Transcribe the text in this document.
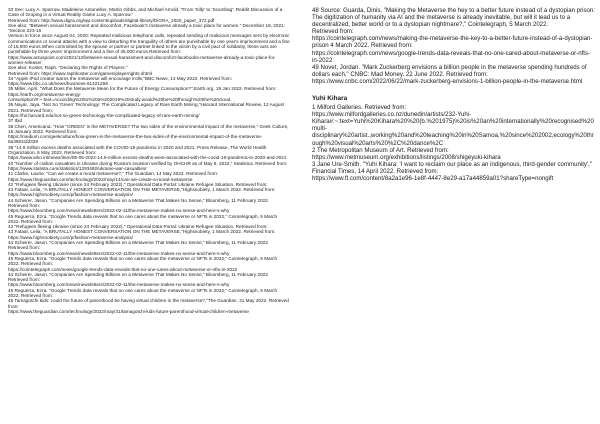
33 See: Lucy A. Sparrow, Madeleine Antonellos, Martin Gibbs, and Michael Arnold. "From 'Silly' to 'Scumbag': Reddit Discussion of a Case of Groping in a Virtual Reality Game Lucy A. Sparrow."

Retrieved from: http://www.digra.org/wp-content/uploads/digital-library/DiGRA_2020_paper_372.pdf

See also: "Between sexual harassment and discomfort, Facebook's metaverse already a toxic place for women." December 18, 2021: "Section 223-16

Version in force since August 04, 2020: Repeated malicious telephone calls, repeated sending of malicious messages sent by electronic communications or sound attacks with a view to disturbing the tranquility of others are punishable by one year's imprisonment and a fine of 15,000 euros.When committed by the spouse or partner or partner linked to the victim by a civil pact of solidarity, these acts are punishable by three years' imprisonment and a fine of 45,000 euros.Retrieved from:

https://www.actuspoint.com/2021/12/between-sexual-harassment-and-discomfort-facebooks-metaverse-already-a-toxic-place-for-women-release/

See also: Koster, Raph. "Declaring the Rights of Players."

Retrieved from: https://www.raphkoster.com/games/playerrights.shtml

34 "Apple iPod creator warns the metaverse will encourage trolls,"BBC News, 13 May 2022. Retrieved from: https://www.bbc.co.uk/news/business-61421268

35 Miller, April. "What Does the Metaverse Mean for the Future of Energy Consumption?",Earth.org, 19 Jan 2022. Retrieved from:

https://earth.org/metaverse-energy-consumption/#:~:text=According%20to%20a%202019%20study,would%20be%20through%20the%20cloud.

36 Nayar, Jaya. "Not So 'Green' Technology: The Complicated Legacy of Rare Earth Mining,"Harvard International Review, 12 August 2021. Retrieved from:

https://hir.harvard.edu/not-so-green-technology-the-complicated-legacy-of-rare-earth-mining/

37 Ibid

38 Chen, Americana. "How "GREEN" is the METAVERSE? The two sides of the environmental impact of the metaverse," Geek Culture, 15 January 2022. Retrieved from:

https://medium.com/geekculture/how-green-is-the-metaverse-the-two-sides-of-the-environmental-impact-of-the-metaverse-6a35931fd329

39 "14.9 million excess deaths associated with the COVID-19 pandemic in 2020 and 2021, Press Release, The World Health Organization, 5 May 2022. Retrieved from:

https://www.who.int/news/item/05-05-2022-14.9-million-excess-deaths-were-associated-with-the-covid-19-pandemic-in-2020-and-2021

40 "Number of civilian casualties in Ukraine during Russia's invasion verified by OHCHR as of May 9, 2022," Statistica. Retrieved from: https://www.statista.com/statistics/1293492/ukraine-war-casualties/

41 Clarke, Laurie. "Can we create a moral metaverse?," The Guardian, 14 May 2022. Retrieved from:

https://www.theguardian.com/technology/2022/may/14/can-we-create-a-moral-metaverse

42 "Refugees fleeing Ukraine (since 24 February 2022)," Operational Data Portal: Ukraine Refugee Situation. Retrieved from:

43 Fataar, Leila, "A BRUTALLY HONEST CONVERSATION ON THE METAVERSE,"Highsnobiety, 1 March 2022. Retrieved from: https://www.highsnobiety.com/p/fashion-metaverse-analysis/

44 Scheirer, Jason. "Companies Are Spending Billions on a Metaverse That Makes No Sense," Bloomberg, 11 February 2022. Retrieved from:

https://www.bloomberg.com/news/newsletters/2022-02-11/the-metaverse-makes-no-sense-and-here-s-why

45 Reguerra, Ezra. "Google Trends data reveals that no one cares about the metaverse or NFTs in 2022," Cointelegraph, 9 March 2022. Retrieved from:

42 "Refugees fleeing Ukraine (since 24 February 2022)," Operational Data Portal: Ukraine Refugee Situation. Retrieved from:

43 Fataar, Leila, "A BRUTALLY HONEST CONVERSATION ON THE METAVERSE,"Highsnobiety, 1 March 2022. Retrieved from: https://www.highsnobiety.com/p/fashion-metaverse-analysis/

44 Scheirer, Jason. "Companies Are Spending Billions on a Metaverse That Makes No Sense," Bloomberg, 11 February 2022. Retrieved from:

https://www.bloomberg.com/news/newsletters/2022-02-11/the-metaverse-makes-no-sense-and-here-s-why

45 Reguerra, Ezra. "Google Trends data reveals that no one cares about the metaverse or NFTs in 2022," Cointelegraph, 9 March 2022. Retrieved from:

https://cointelegraph.com/news/google-trends-data-reveals-that-no-one-cares-about-metaverse-or-nfts-in-2022

44 Scheirer, Jason. "Companies Are Spending Billions on a Metaverse That Makes No Sense," Bloomberg, 11 February 2022. Retrieved from:

https://www.bloomberg.com/news/newsletters/2022-02-11/the-metaverse-makes-no-sense-and-here-s-why

45 Reguerra, Ezra. "Google Trends data reveals that no one cares about the metaverse or NFTs in 2022," Cointelegraph, 9 March 2022. Retrieved from:

46 Tamagotchi kids: could the future of parenthood be having virtual children in the metaverse?,"The Guardian, 31 May 2022. Retrieved from:

https://www.theguardian.com/technology/2022/may/31/tamagotchi-kids-future-parenthood-virtual-children-metaverse

48 Source: Guarda, Dinis. "Making the Metaverse the hey to a better future instead of a dystopian prison: The digitization of humanity via AI and the metaverse is already inevitable, but will it lead us to a decentralized, better world or to a dystopian nightmare?," Cointelegraph, 5 March 2022.

Retrieved from:

https://cointelegraph.com/news/making-the-metaverse-the-key-to-a-better-future-instead-of-a-dystopian-prison 4 March 2022. Retrieved from:

https://cointelegraph.com/news/google-trends-data-reveals-that-no-one-cared-about-metaverse-or-nfts-in-2022

49 Novet, Jordan. "Mark Zuckerberg envisions a billion people in the metaverse spending hundreds of dollars each," CNBC: Mad Money, 22 June 2022. Retrieved from:

https://www.cnbc.com/2022/06/22/mark-zuckerberg-envisions-1-billion-people-in-the-metaverse.html

Yuhi Kihara

1 Milford Galleries. Retrieved from:

https://www.milfordgalleries.co.nz/dunedin/artists/232-Yuhi-Kihara#:~:text=Yuhi%20Kihara%20%20(b.%201975)%20is%20an%20internationally%20recognised%20multi-disciplinary%20artist.,working%20and%20teaching%20in%20Samoa,%20since%202002,ecology%20through%20visual%20arts%20%2C%20dance%2C

2 The Metropolitan Museum of Art. Retrieved from:

https://www.metmuseum.org/exhibitions/listings/2008/shigeyuki-kihara

3 Jane Ure-Smith. "Yuhi Kihara: 'I want to reclaim our place as an indigenous, third-gender community'," Financial Times, 14 April 2022. Retrieved from:

https://www.ft.com/content/8a2a1e96-1e8f-4447-8e29-a17a44859a01?shareType=nongift
